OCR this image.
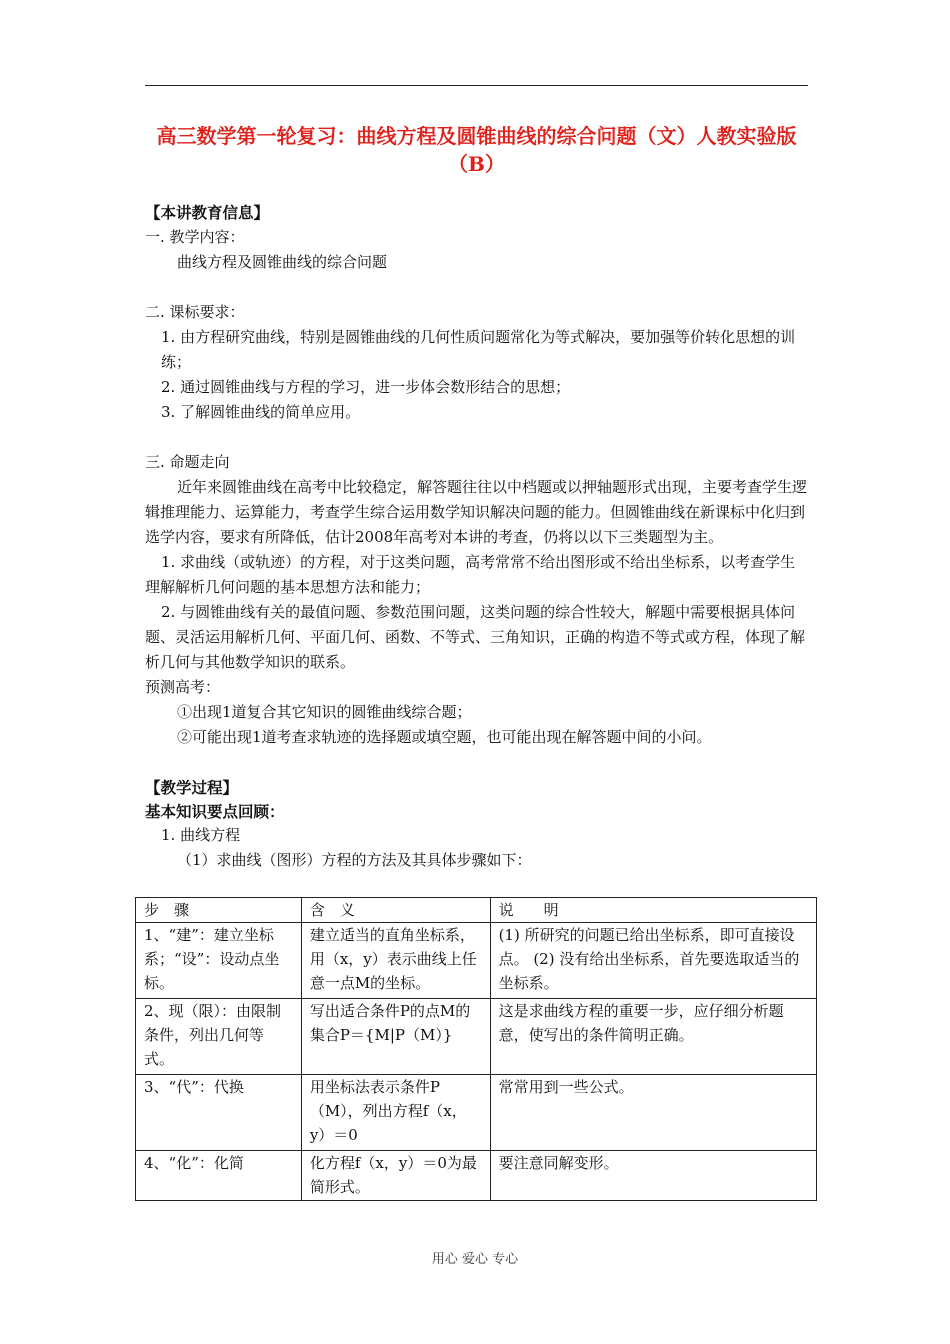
高三数学第一轮复习：曲线方程及圆锥曲线的综合问题（文）人教实验版（B）

【本讲教育信息】

一. 教学内容：

曲线方程及圆锥曲线的综合问题

二. 课标要求：

1. 由方程研究曲线，特别是圆锥曲线的几何性质问题常化为等式解决，要加强等价转化思想的训练；

2. 通过圆锥曲线与方程的学习，进一步体会数形结合的思想；

3. 了解圆锥曲线的简单应用。

三. 命题走向

近年来圆锥曲线在高考中比较稳定，解答题往往以中档题或以押轴题形式出现，主要考查学生逻辑推理能力、运算能力，考查学生综合运用数学知识解决问题的能力。但圆锥曲线在新课标中化归到选学内容，要求有所降低，估计2008年高考对本讲的考查，仍将以以下三类题型为主。

1. 求曲线（或轨迹）的方程，对于这类问题，高考常常不给出图形或不给出坐标系，以考查学生理解解析几何问题的基本思想方法和能力；

2. 与圆锥曲线有关的最值问题、参数范围问题，这类问题的综合性较大，解题中需要根据具体问题、灵活运用解析几何、平面几何、函数、不等式、三角知识，正确的构造不等式或方程，体现了解析几何与其他数学知识的联系。

预测高考：

①出现1道复合其它知识的圆锥曲线综合题；

②可能出现1道考查求轨迹的选择题或填空题，也可能出现在解答题中间的小问。

【教学过程】

基本知识要点回顾：

1. 曲线方程

（1）求曲线（图形）方程的方法及其具体步骤如下：

步　骤	含　义	说　　明
1、“建”：建立坐标系；“设”：设动点坐标。	建立适当的直角坐标系，用（x，y）表示曲线上任意一点M的坐标。	(1) 所研究的问题已给出坐标系，即可直接设点。 (2) 没有给出坐标系，首先要选取适当的坐标系。
2、现（限）：由限制条件，列出几何等式。	写出适合条件P的点M的集合P＝{M|P（M）}	这是求曲线方程的重要一步，应仔细分析题意，使写出的条件简明正确。
3、“代”：代换	用坐标法表示条件P（M），列出方程f（x，y）＝0	常常用到一些公式。
4、“化”：化简	化方程f（x，y）＝0为最简形式。	要注意同解变形。
用心 爱心 专心
